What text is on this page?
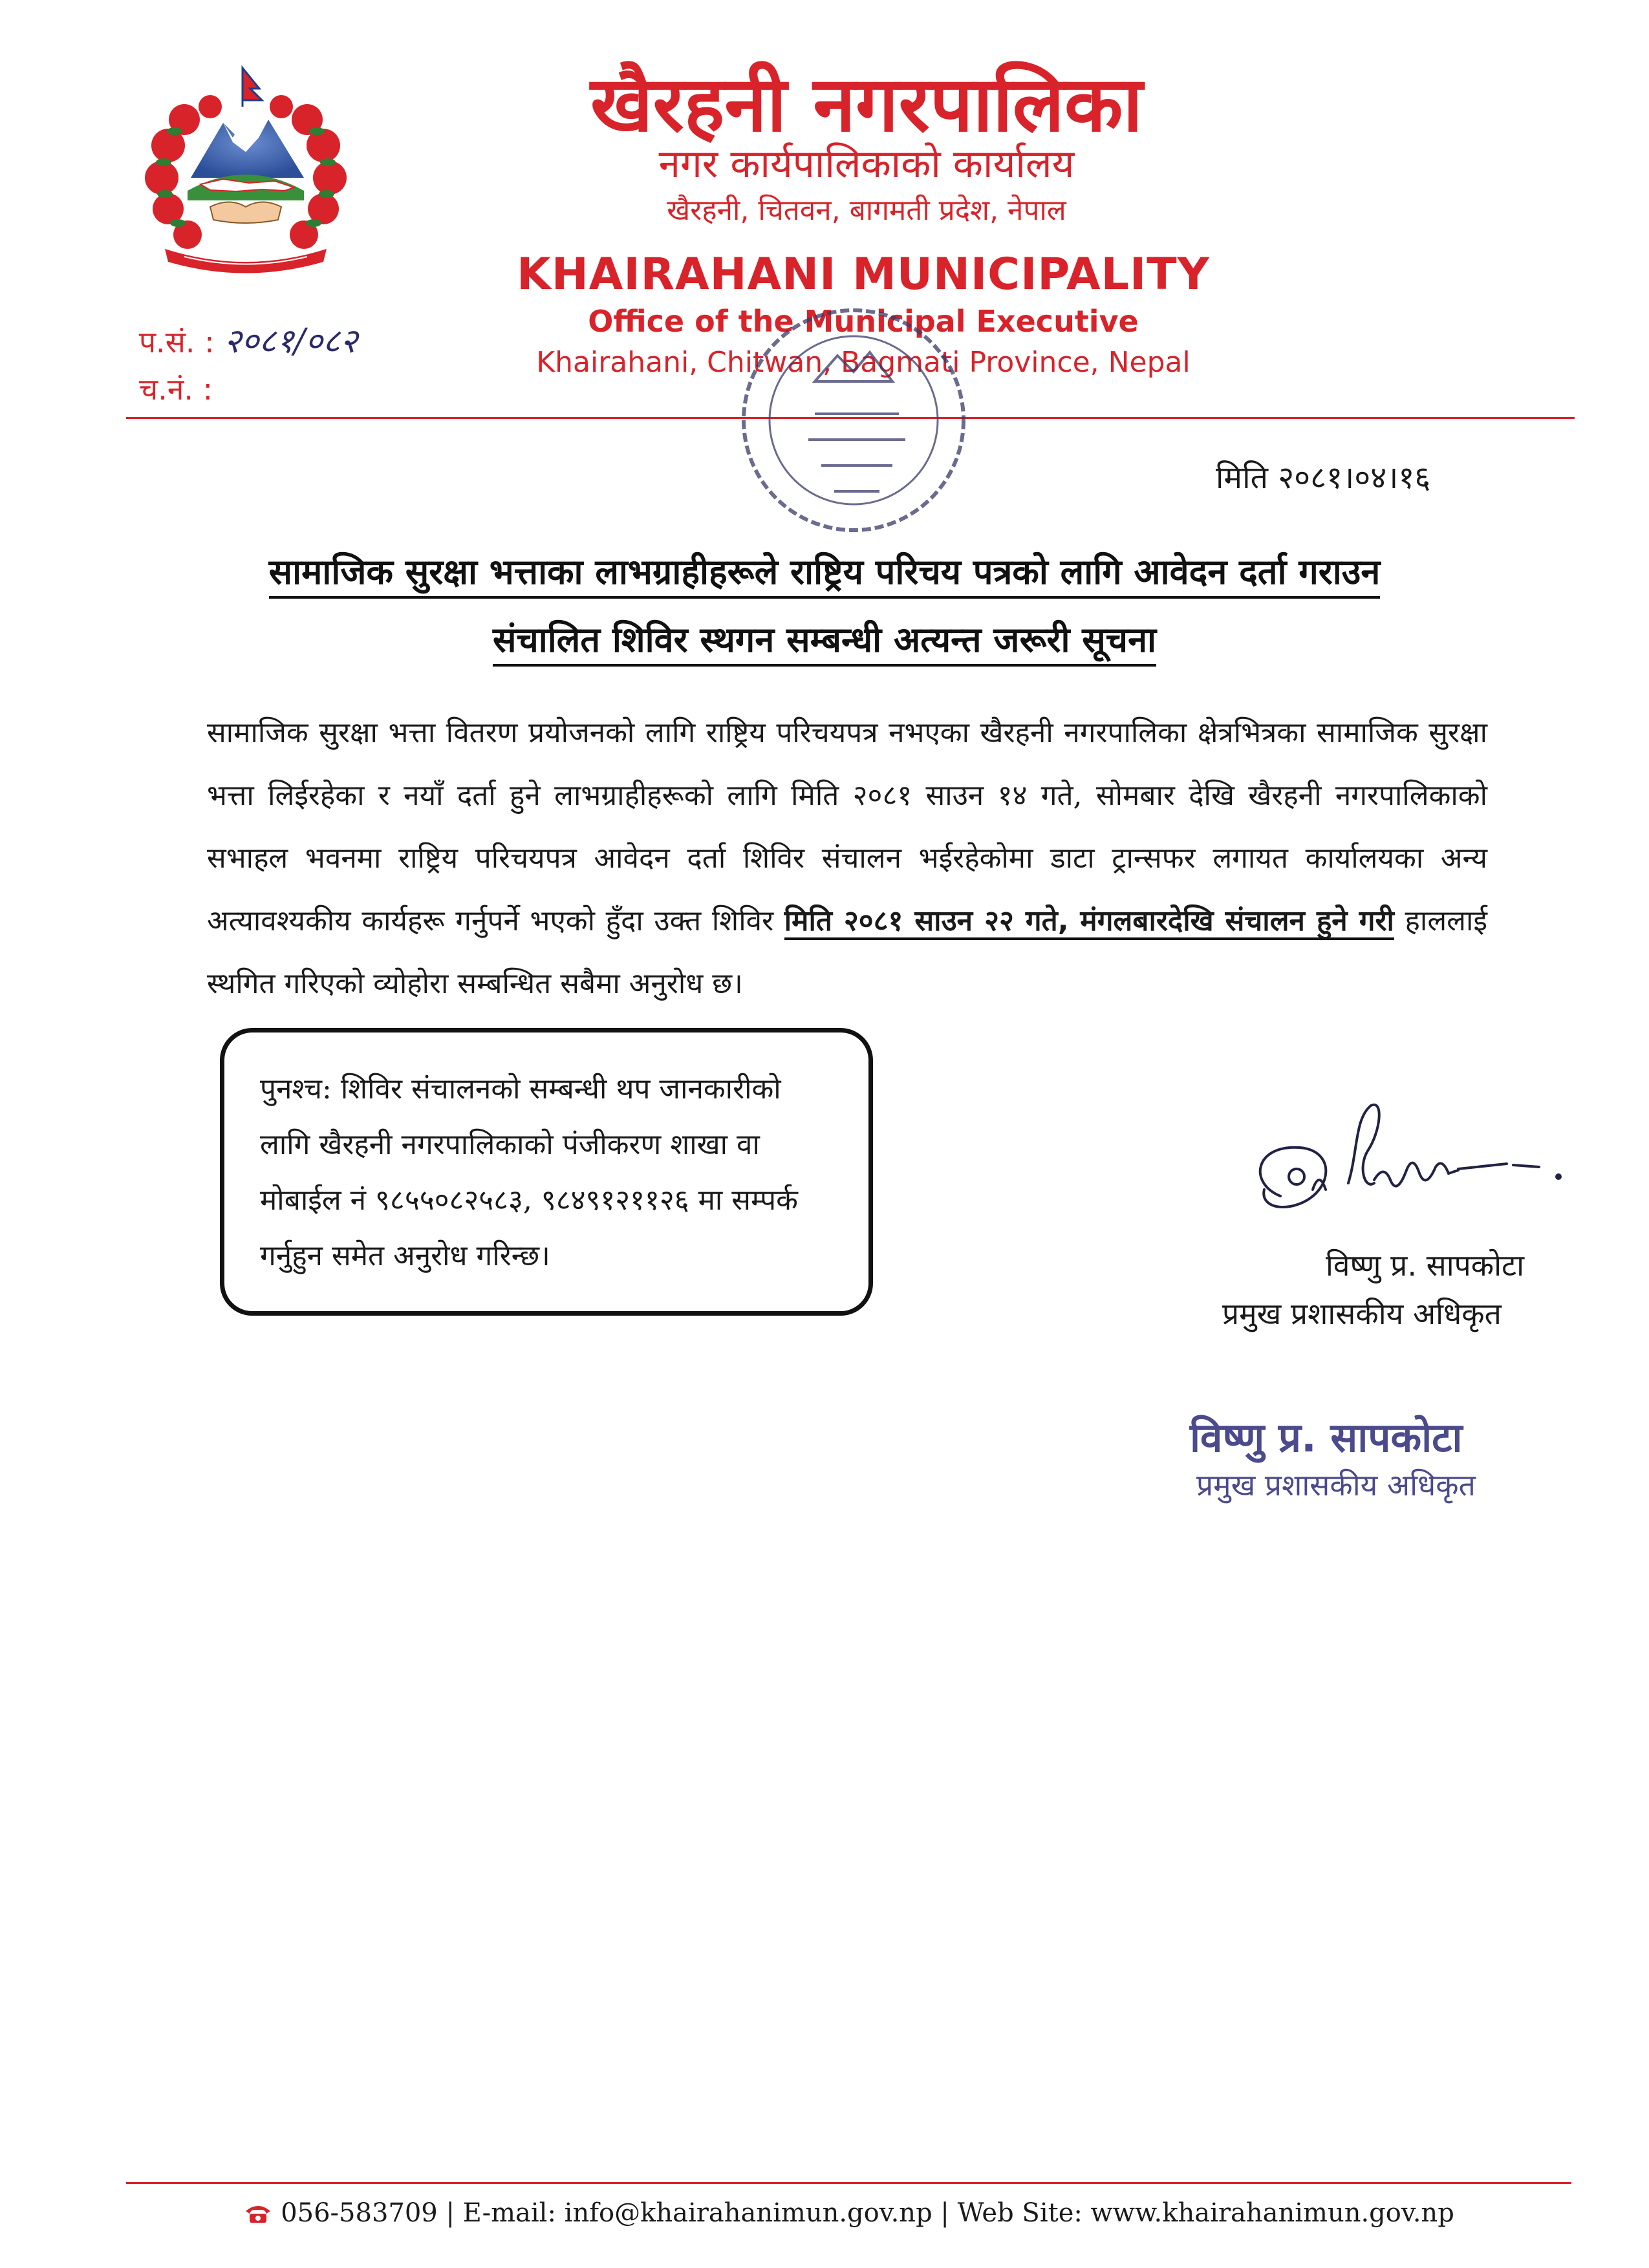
खैरहनी नगरपालिका
नगर कार्यपालिकाको कार्यालय
खैरहनी, चितवन, बागमती प्रदेश, नेपाल
KHAIRAHANI MUNICIPALITY
Office of the Municipal Executive
Khairahani, Chitwan, Bagmati Province, Nepal
प.सं. : २०८१/०८२
च.नं. :
मिति २०८१।०४।१६
सामाजिक सुरक्षा भत्ताका लाभग्राहीहरूले राष्ट्रिय परिचय पत्रको लागि आवेदन दर्ता गराउन
संचालित शिविर स्थगन सम्बन्धी अत्यन्त जरूरी सूचना
सामाजिक सुरक्षा भत्ता वितरण प्रयोजनको लागि राष्ट्रिय परिचयपत्र नभएका खैरहनी नगरपालिका क्षेत्रभित्रका सामाजिक सुरक्षा भत्ता लिईरहेका र नयाँ दर्ता हुने लाभग्राहीहरूको लागि मिति २०८१ साउन १४ गते, सोमबार देखि खैरहनी नगरपालिकाको सभाहल भवनमा राष्ट्रिय परिचयपत्र आवेदन दर्ता शिविर संचालन भईरहेकोमा डाटा ट्रान्सफर लगायत कार्यालयका अन्य अत्यावश्यकीय कार्यहरू गर्नुपर्ने भएको हुँदा उक्त शिविर मिति २०८१ साउन २२ गते, मंगलबारदेखि संचालन हुने गरी हाललाई स्थगित गरिएको व्योहोरा सम्बन्धित सबैमा अनुरोध छ।
पुनश्च: शिविर संचालनको सम्बन्धी थप जानकारीको लागि खैरहनी नगरपालिकाको पंजीकरण शाखा वा मोबाईल नं ९८५५०८२५८३, ९८४९१२११२६ मा सम्पर्क गर्नुहुन समेत अनुरोध गरिन्छ।	विष्णु प्र. सापकोटा
प्रमुख प्रशासकीय अधिकृत
विष्णु प्र. सापकोटा
प्रमुख प्रशासकीय अधिकृत
056-583709 | E-mail: info@khairahanimun.gov.np | Web Site: www.khairahanimun.gov.np
